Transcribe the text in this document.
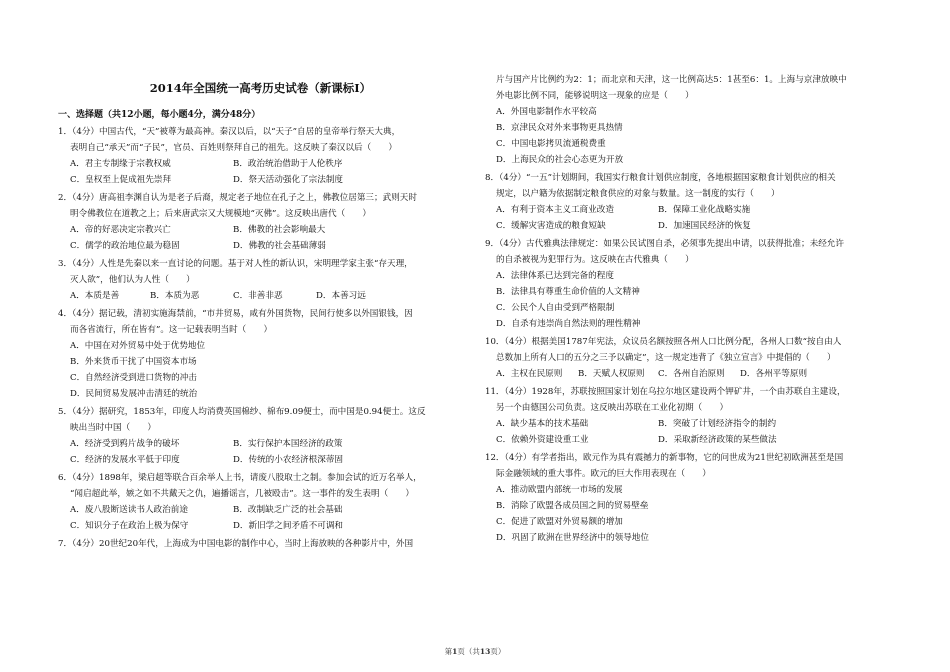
2014年全国统一高考历史试卷（新课标Ⅰ）
一、选择题（共12小题，每小题4分，满分48分）
1．（4分）中国古代，“天”被尊为最高神。秦汉以后，以“天子”自居的皇帝举行祭天大典，
表明自己“承天”而“子民”，官员、百姓则祭拜自己的祖先。这反映了秦汉以后（　　）
A．君主专制缘于宗教权威	B．政治统治借助于人伦秩序
C．皇权至上促成祖先崇拜	D．祭天活动强化了宗法制度
2．（4分）唐高祖李渊自认为是老子后裔，规定老子地位在孔子之上，佛教位居第三；武则天时
明令佛教位在道教之上；后来唐武宗又大规模地“灭佛”。这反映出唐代（　　）
A．帝的好恶决定宗教兴亡	B．佛教的社会影响最大
C．儒学的政治地位最为稳固	D．佛教的社会基础薄弱
3．（4分）人性是先秦以来一直讨论的问题。基于对人性的新认识，宋明理学家主张“存天理，
灭人欲”，他们认为人性（　　）
A．本质是善	B．本质为恶	C．非善非恶	D．本善习远
4．（4分）据记载，清初实施海禁前，“市井贸易，咸有外国货物，民间行使多以外国银钱，因
而各省流行，所在皆有”。这一记载表明当时（　　）
A．中国在对外贸易中处于优势地位
B．外来货币干扰了中国资本市场
C．自然经济受到进口货物的冲击
D．民间贸易发展冲击清廷的统治
5．（4分）据研究，1853年，印度人均消费英国棉纱、棉布9.09便士，而中国是0.94便士。这反
映出当时中国（　　）
A．经济受到鸦片战争的破坏	B．实行保护本国经济的政策
C．经济的发展水平低于印度	D．传统的小农经济根深蒂固
6．（4分）1898年，梁启超等联合百余举人上书，请废八股取士之制。参加会试的近万名举人，
“闻启超此举，嫉之如不共戴天之仇，遍播谣言，几被殴击”。这一事件的发生表明（　　）
A．废八股断送读书人政治前途	B．改制缺乏广泛的社会基础
C．知识分子在政治上极为保守	D．新旧学之间矛盾不可调和
7．（4分）20世纪20年代，上海成为中国电影的制作中心，当时上海放映的各种影片中，外国
片与国产片比例约为2：1；而北京和天津，这一比例高达5：1甚至6：1。上海与京津放映中
外电影比例不同，能够说明这一现象的应是（　　）
A．外国电影制作水平较高
B．京津民众对外来事物更具热情
C．中国电影拷贝流通税费重
D．上海民众的社会心态更为开放
8．（4分）“一五”计划期间，我国实行粮食计划供应制度，各地根据国家粮食计划供应的相关
规定，以户籍为依据制定粮食供应的对象与数量。这一制度的实行（　　）
A．有利于资本主义工商业改造	B．保障工业化战略实施
C．缓解灾害造成的粮食短缺	D．加速国民经济的恢复
9．（4分）古代雅典法律规定：如果公民试图自杀，必须事先提出申请，以获得批准；未经允许
的自杀被视为犯罪行为。这反映在古代雅典（　　）
A．法律体系已达到完备的程度
B．法律具有尊重生命价值的人文精神
C．公民个人自由受到严格限制
D．自杀有违崇尚自然法则的理性精神
10．（4分）根据美国1787年宪法，众议员名额按照各州人口比例分配，各州人口数“按自由人
总数加上所有人口的五分之三予以确定”，这一规定违背了《独立宣言》中提倡的（　　）
A．主权在民原则 B．天赋人权原则 C．各州自治原则 D．各州平等原则
11．（4分）1928年，苏联按照国家计划在乌拉尔地区建设两个钾矿井，一个由苏联自主建设，
另一个由德国公司负责。这反映出苏联在工业化初期（　　）
A．缺少基本的技术基础	B．突破了计划经济指令的制约
C．依赖外资建设重工业	D．采取新经济政策的某些做法
12．（4分）有学者指出，欧元作为具有震撼力的新事物，它的问世成为21世纪初欧洲甚至是国
际金融领域的重大事件。欧元的巨大作用表现在（　　）
A．推动欧盟内部统一市场的发展
B．消除了欧盟各成员国之间的贸易壁垒
C．促进了欧盟对外贸易额的增加
D．巩固了欧洲在世界经济中的领导地位
第1页（共13页）
